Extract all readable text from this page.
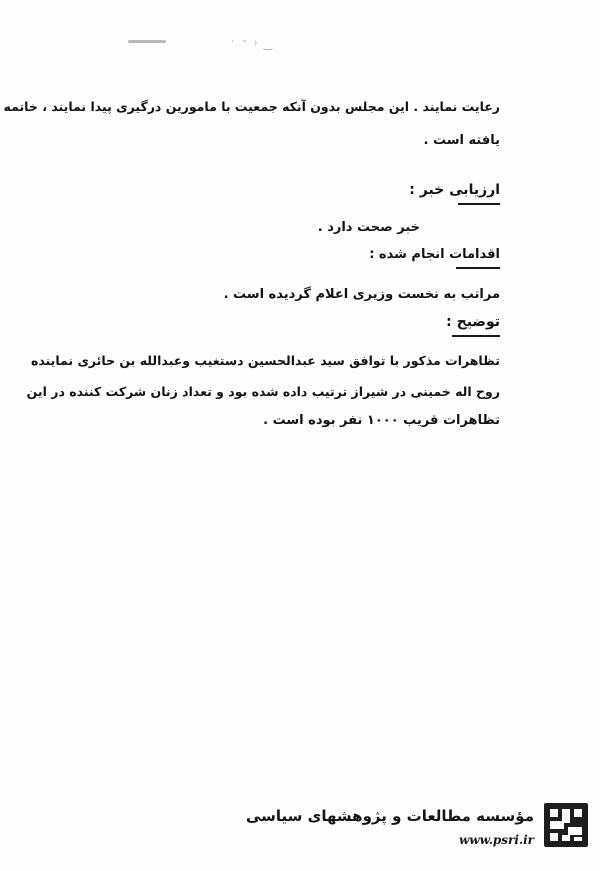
˙ ˘ ⁾ ‿
رعایت نمایند . این مجلس بدون آنکه جمعیت با مامورین درگیری پیدا نمایند ، خاتمه
یافته است .
ارزیابی خبر :
خبر صحت دارد .
اقدامات انجام شده :
مراتب به نخست وزیری اعلام گردیده است .
توضیح :
تظاهرات مذکور با توافق سید عبدالحسین دستغیب وعبدالله بن حائری نماینده
روح اله خمینی در شیراز ترتیب داده شده بود و تعداد زنان شرکت کننده در این
تظاهرات قریب ۱۰۰۰ نفر بوده است .
مؤسسه مطالعات و پژوهشهای سیاسی
www.psri.ir
